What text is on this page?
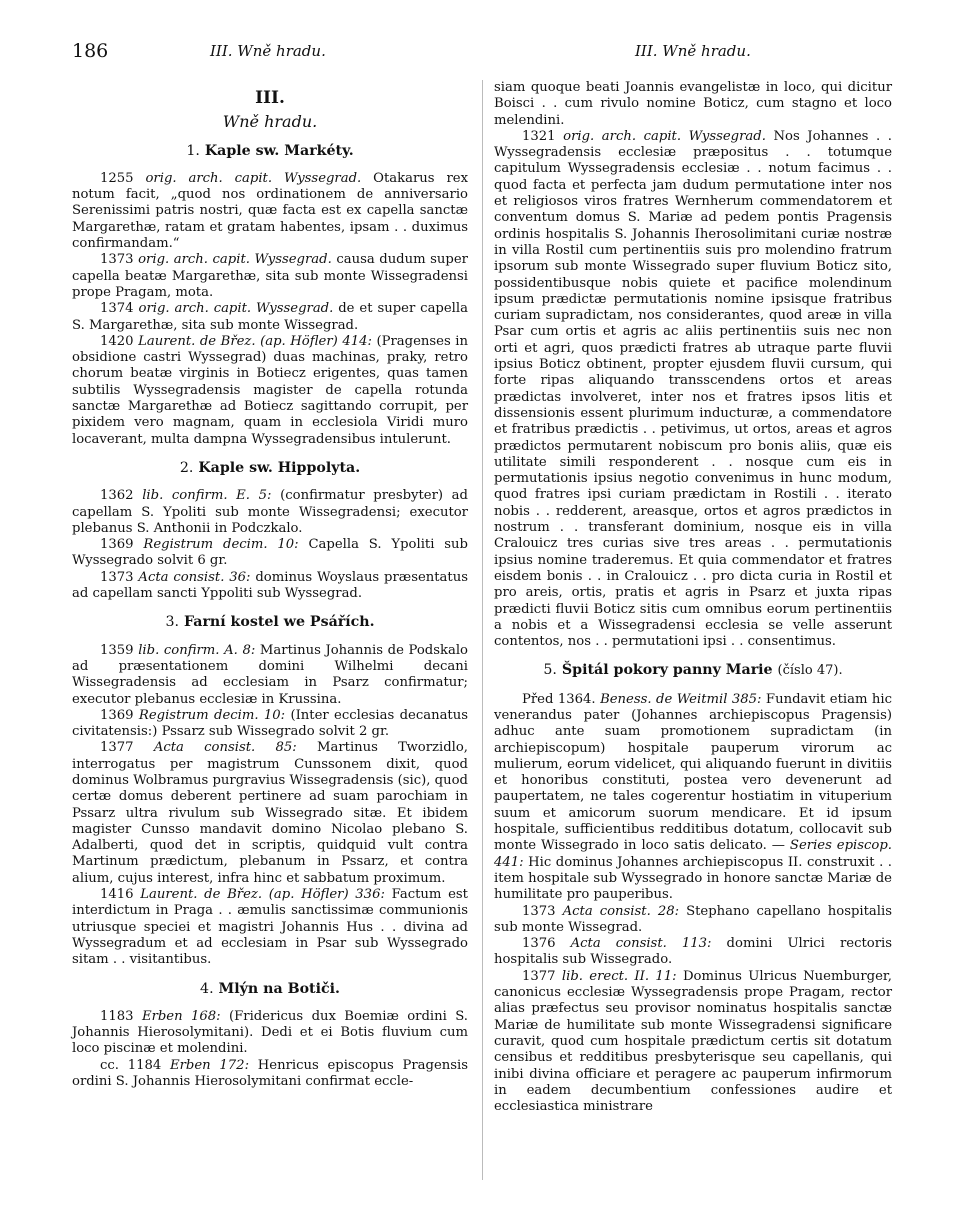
186	III. Wně hradu.	III. Wně hradu.
III.
Wně hradu.
1. Kaple sw. Markéty.

1255 orig. arch. capit. Wyssegrad. Otakarus rex notum facit, „quod nos ordinationem de anniversario Serenissimi patris nostri, quæ facta est ex capella sanctæ Margarethæ, ratam et gratam habentes, ipsam . . duximus confirmandam.“

1373 orig. arch. capit. Wyssegrad. causa dudum super capella beatæ Margarethæ, sita sub monte Wissegradensi prope Pragam, mota.

1374 orig. arch. capit. Wyssegrad. de et super capella S. Margarethæ, sita sub monte Wissegrad.

1420 Laurent. de Břez. (ap. Höfler) 414: (Pragenses in obsidione castri Wyssegrad) duas machinas, praky, retro chorum beatæ virginis in Botiecz erigentes, quas tamen subtilis Wyssegradensis magister de capella rotunda sanctæ Margarethæ ad Botiecz sagittando corrupit, per pixidem vero magnam, quam in ecclesiola Viridi muro locaverant, multa dampna Wyssegradensibus intulerunt.

2. Kaple sw. Hippolyta.

1362 lib. confirm. E. 5: (confirmatur presbyter) ad capellam S. Ypoliti sub monte Wissegradensi; executor plebanus S. Anthonii in Podczkalo.

1369 Registrum decim. 10: Capella S. Ypoliti sub Wyssegrado solvit 6 gr.

1373 Acta consist. 36: dominus Woyslaus præsentatus ad capellam sancti Yppoliti sub Wyssegrad.

3. Farní kostel we Psářích.

1359 lib. confirm. A. 8: Martinus Johannis de Podskalo ad præsentationem domini Wilhelmi decani Wissegradensis ad ecclesiam in Psarz confirmatur; executor plebanus ecclesiæ in Krussina.

1369 Registrum decim. 10: (Inter ecclesias decanatus civitatensis:) Pssarz sub Wissegrado solvit 2 gr.

1377 Acta consist. 85: Martinus Tworzidlo, interrogatus per magistrum Cunssonem dixit, quod dominus Wolbramus purgravius Wissegradensis (sic), quod certæ domus deberent pertinere ad suam parochiam in Pssarz ultra rivulum sub Wissegrado sitæ. Et ibidem magister Cunsso mandavit domino Nicolao plebano S. Adalberti, quod det in scriptis, quidquid vult contra Martinum prædictum, plebanum in Pssarz, et contra alium, cujus interest, infra hinc et sabbatum proximum.

1416 Laurent. de Břez. (ap. Höfler) 336: Factum est interdictum in Praga . . æmulis sanctissimæ communionis utriusque speciei et magistri Johannis Hus . . divina ad Wyssegradum et ad ecclesiam in Psar sub Wyssegrado sitam . . visitantibus.

4. Mlýn na Botiči.

1183 Erben 168: (Fridericus dux Boemiæ ordini S. Johannis Hierosolymitani). Dedi et ei Botis fluvium cum loco piscinæ et molendini.

cc. 1184 Erben 172: Henricus episcopus Pragensis ordini S. Johannis Hierosolymitani confirmat eccle-

siam quoque beati Joannis evangelistæ in loco, qui dicitur Boisci . . cum rivulo nomine Boticz, cum stagno et loco melendini.

1321 orig. arch. capit. Wyssegrad. Nos Johannes . . Wyssegradensis ecclesiæ præpositus . . totumque capitulum Wyssegradensis ecclesiæ . . notum facimus . . quod facta et perfecta jam dudum permutatione inter nos et religiosos viros fratres Wernherum commendatorem et conventum domus S. Mariæ ad pedem pontis Pragensis ordinis hospitalis S. Johannis Iherosolimitani curiæ nostræ in villa Rostil cum pertinentiis suis pro molendino fratrum ipsorum sub monte Wissegrado super fluvium Boticz sito, possidentibusque nobis quiete et pacifice molendinum ipsum prædictæ permutationis nomine ipsisque fratribus curiam supradictam, nos considerantes, quod areæ in villa Psar cum ortis et agris ac aliis pertinentiis suis nec non orti et agri, quos prædicti fratres ab utraque parte fluvii ipsius Boticz obtinent, propter ejusdem fluvii cursum, qui forte ripas aliquando transscendens ortos et areas prædictas involveret, inter nos et fratres ipsos litis et dissensionis essent plurimum inducturæ, a commendatore et fratribus prædictis . . petivimus, ut ortos, areas et agros prædictos permutarent nobiscum pro bonis aliis, quæ eis utilitate simili responderent . . nosque cum eis in permutationis ipsius negotio convenimus in hunc modum, quod fratres ipsi curiam prædictam in Rostili . . iterato nobis . . redderent, areasque, ortos et agros prædictos in nostrum . . transferant dominium, nosque eis in villa Cralouicz tres curias sive tres areas . . permutationis ipsius nomine traderemus. Et quia commendator et fratres eisdem bonis . . in Cralouicz . . pro dicta curia in Rostil et pro areis, ortis, pratis et agris in Psarz et juxta ripas prædicti fluvii Boticz sitis cum omnibus eorum pertinentiis a nobis et a Wissegradensi ecclesia se velle asserunt contentos, nos . . permutationi ipsi . . consentimus.

5. Špitál pokory panny Marie (číslo 47).

Před 1364. Beness. de Weitmil 385: Fundavit etiam hic venerandus pater (Johannes archiepiscopus Pragensis) adhuc ante suam promotionem supradictam (in archiepiscopum) hospitale pauperum virorum ac mulierum, eorum videlicet, qui aliquando fuerunt in divitiis et honoribus constituti, postea vero devenerunt ad paupertatem, ne tales cogerentur hostiatim in vituperium suum et amicorum suorum mendicare. Et id ipsum hospitale, sufficientibus redditibus dotatum, collocavit sub monte Wissegrado in loco satis delicato. — Series episcop. 441: Hic dominus Johannes archiepiscopus II. construxit . . item hospitale sub Wyssegrado in honore sanctæ Mariæ de humilitate pro pauperibus.

1373 Acta consist. 28: Stephano capellano hospitalis sub monte Wissegrad.

1376 Acta consist. 113: domini Ulrici rectoris hospitalis sub Wissegrado.

1377 lib. erect. II. 11: Dominus Ulricus Nuemburger, canonicus ecclesiæ Wyssegradensis prope Pragam, rector alias præfectus seu provisor nominatus hospitalis sanctæ Mariæ de humilitate sub monte Wissegradensi significare curavit, quod cum hospitale prædictum certis sit dotatum censibus et redditibus presbyterisque seu capellanis, qui inibi divina officiare et peragere ac pauperum infirmorum in eadem decumbentium confessiones audire et ecclesiastica ministrare
